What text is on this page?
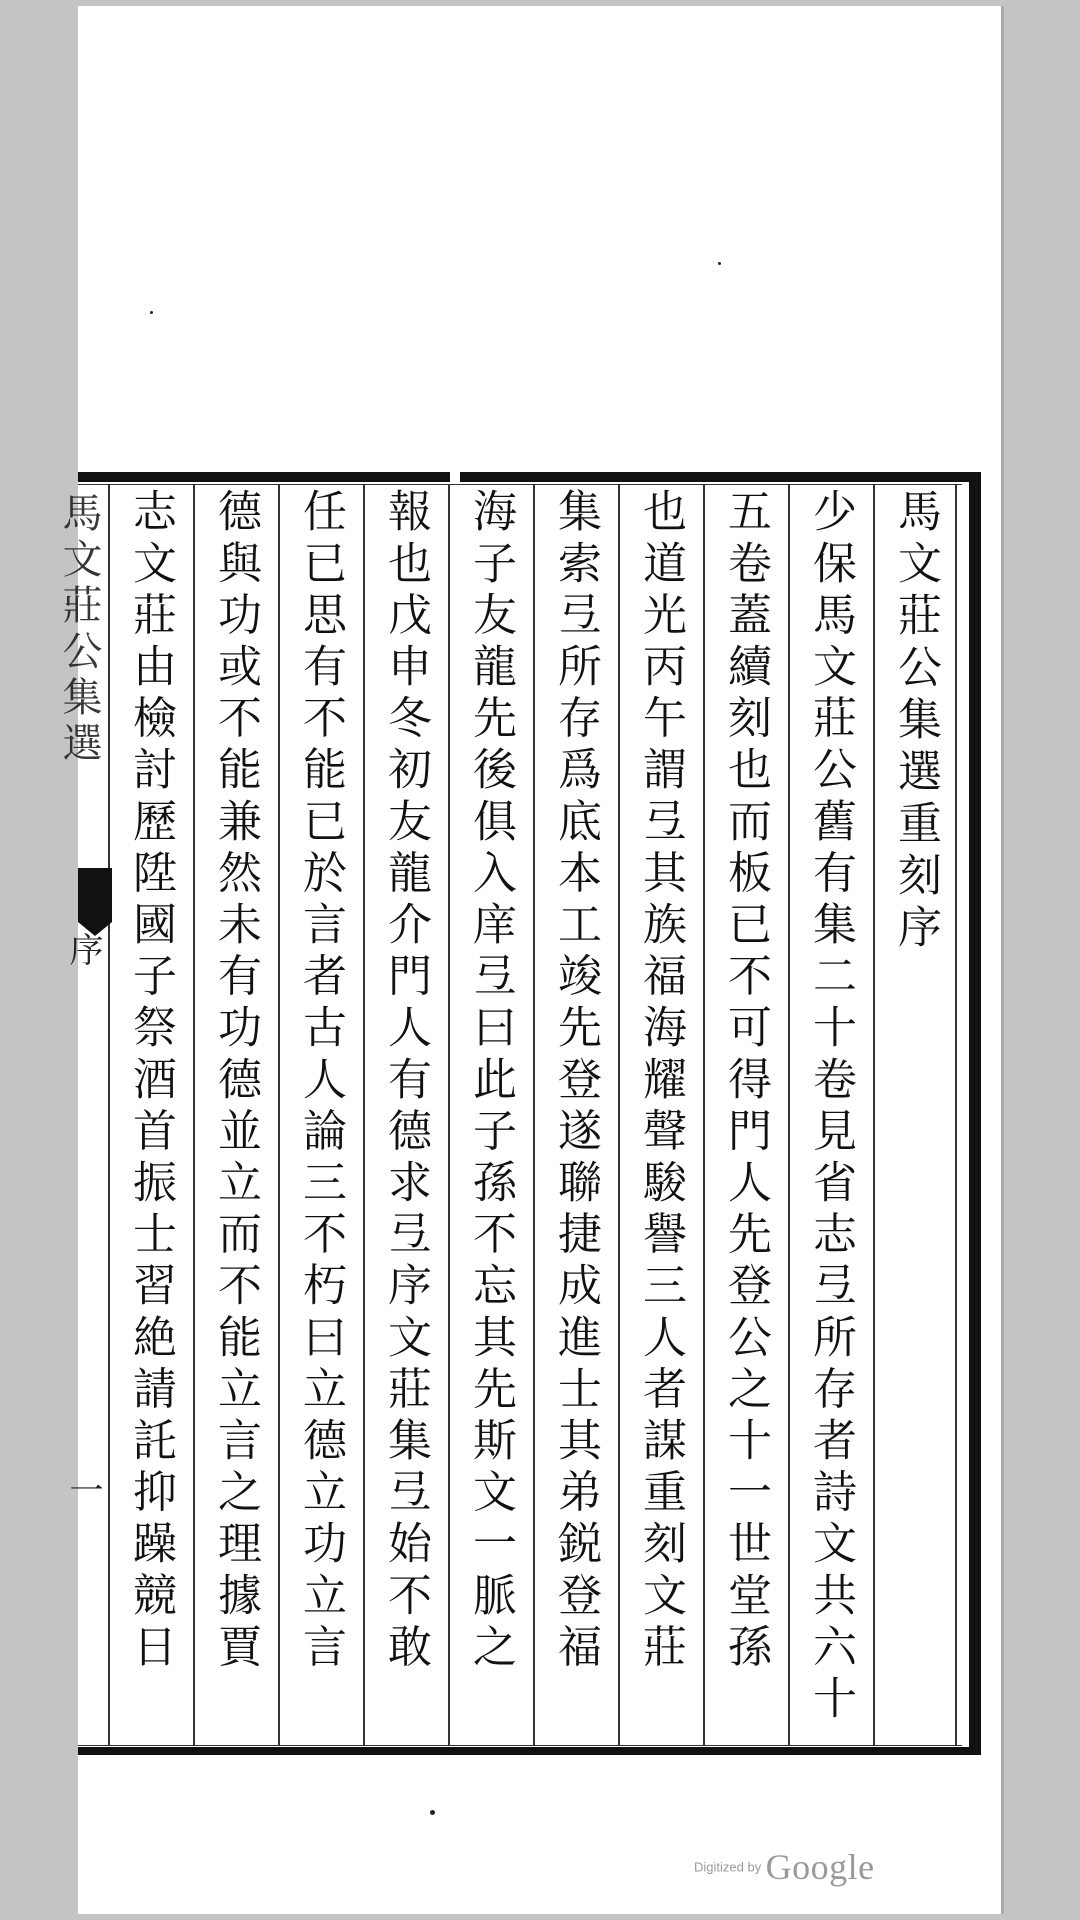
馬文莊公集選重刻序
少保馬文莊公舊有集二十卷見省志弖所存者詩文共六十
五卷蓋續刻也而板已不可得門人先登公之十一世堂孫
也道光丙午謂弖其族福海耀聲駿譽三人者謀重刻文莊
集索弖所存爲底本工竣先登遂聯捷成進士其弟鋭登福
海子友龍先後俱入庠弖曰此子孫不忘其先斯文一脈之
報也戊申冬初友龍介門人有德求弖序文莊集弖始不敢
任已思有不能已於言者古人論三不朽曰立德立功立言
德與功或不能兼然未有功德並立而不能立言之理據賈
志文莊由檢討歷陞國子祭酒首振士習絶請託抑躁競日
馬文莊公集選
序
一
Digitized by Google
